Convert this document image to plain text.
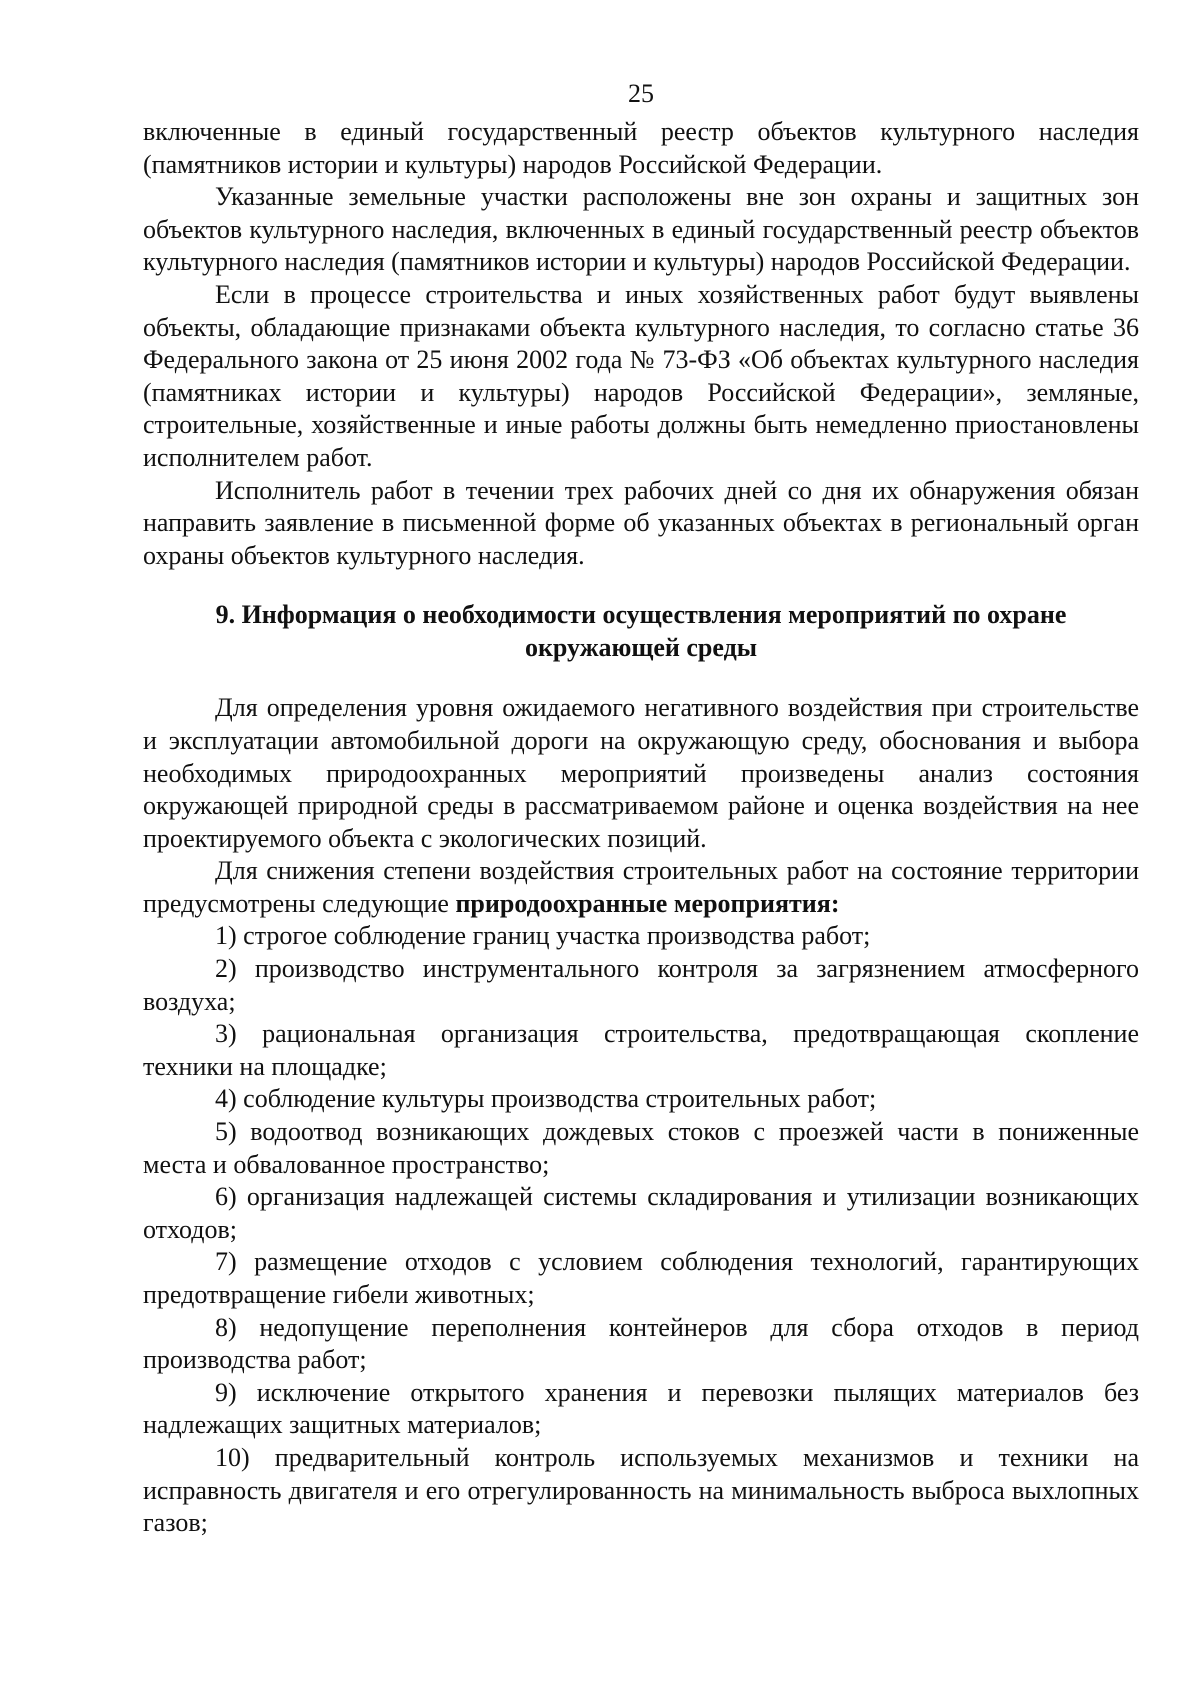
25

включенные в единый государственный реестр объектов культурного наследия (памятников истории и культуры) народов Российской Федерации.

Указанные земельные участки расположены вне зон охраны и защитных зон объектов культурного наследия, включенных в единый государственный реестр объектов культурного наследия (памятников истории и культуры) народов Российской Федерации.

Если в процессе строительства и иных хозяйственных работ будут выявлены объекты, обладающие признаками объекта культурного наследия, то согласно статье 36 Федерального закона от 25 июня 2002 года № 73-ФЗ «Об объектах культурного наследия (памятниках истории и культуры) народов Российской Федерации», земляные, строительные, хозяйственные и иные работы должны быть немедленно приостановлены исполнителем работ.

Исполнитель работ в течении трех рабочих дней со дня их обнаружения обязан направить заявление в письменной форме об указанных объектах в региональный орган охраны объектов культурного наследия.

9. Информация о необходимости осуществления мероприятий по охране
окружающей среды

Для определения уровня ожидаемого негативного воздействия при строительстве и эксплуатации автомобильной дороги на окружающую среду, обоснования и выбора необходимых природоохранных мероприятий произведены анализ состояния окружающей природной среды в рассматриваемом районе и оценка воздействия на нее проектируемого объекта с экологических позиций.

Для снижения степени воздействия строительных работ на состояние территории предусмотрены следующие природоохранные мероприятия:

1) строгое соблюдение границ участка производства работ;

2) производство инструментального контроля за загрязнением атмосферного воздуха;

3) рациональная организация строительства, предотвращающая скопление техники на площадке;

4) соблюдение культуры производства строительных работ;

5) водоотвод возникающих дождевых стоков с проезжей части в пониженные места и обвалованное пространство;

6) организация надлежащей системы складирования и утилизации возникающих отходов;

7) размещение отходов с условием соблюдения технологий, гарантирующих предотвращение гибели животных;

8) недопущение переполнения контейнеров для сбора отходов в период производства работ;

9) исключение открытого хранения и перевозки пылящих материалов без надлежащих защитных материалов;

10) предварительный контроль используемых механизмов и техники на исправность двигателя и его отрегулированность на минимальность выброса выхлопных газов;
